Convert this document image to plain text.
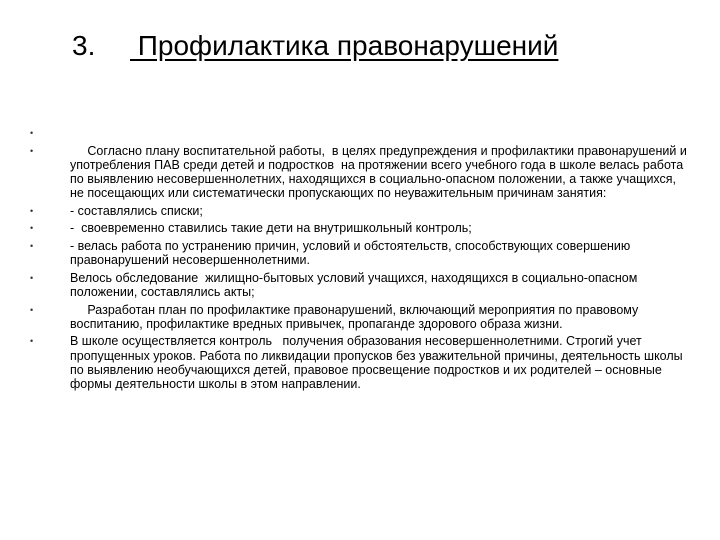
3.

Профилактика правонарушений

•
•	Согласно плану воспитательной работы,  в целях предупреждения и профилактики правонарушений и употребления ПАВ среди детей и подростков  на протяжении всего учебного года в школе велась работа  по выявлению несовершеннолетних, находящихся в социально-опасном положении, а также учащихся, не посещающих или систематически пропускающих по неуважительным причинам занятия:
•	- составлялись списки;
•	-  своевременно ставились такие дети на внутришкольный контроль;
•	- велась работа по устранению причин, условий и обстоятельств, способствующих совершению правонарушений несовершеннолетними.
•	Велось обследование  жилищно-бытовых условий учащихся, находящихся в социально-опасном положении, составлялись акты;
•	Разработан план по профилактике правонарушений, включающий мероприятия по правовому воспитанию, профилактике вредных привычек, пропаганде здорового образа жизни.
•	В школе осуществляется контроль   получения образования несовершеннолетними. Строгий учет пропущенных уроков. Работа по ликвидации пропусков без уважительной причины, деятельность школы по выявлению необучающихся детей, правовое просвещение подростков и их родителей – основные формы деятельности школы в этом направлении.
